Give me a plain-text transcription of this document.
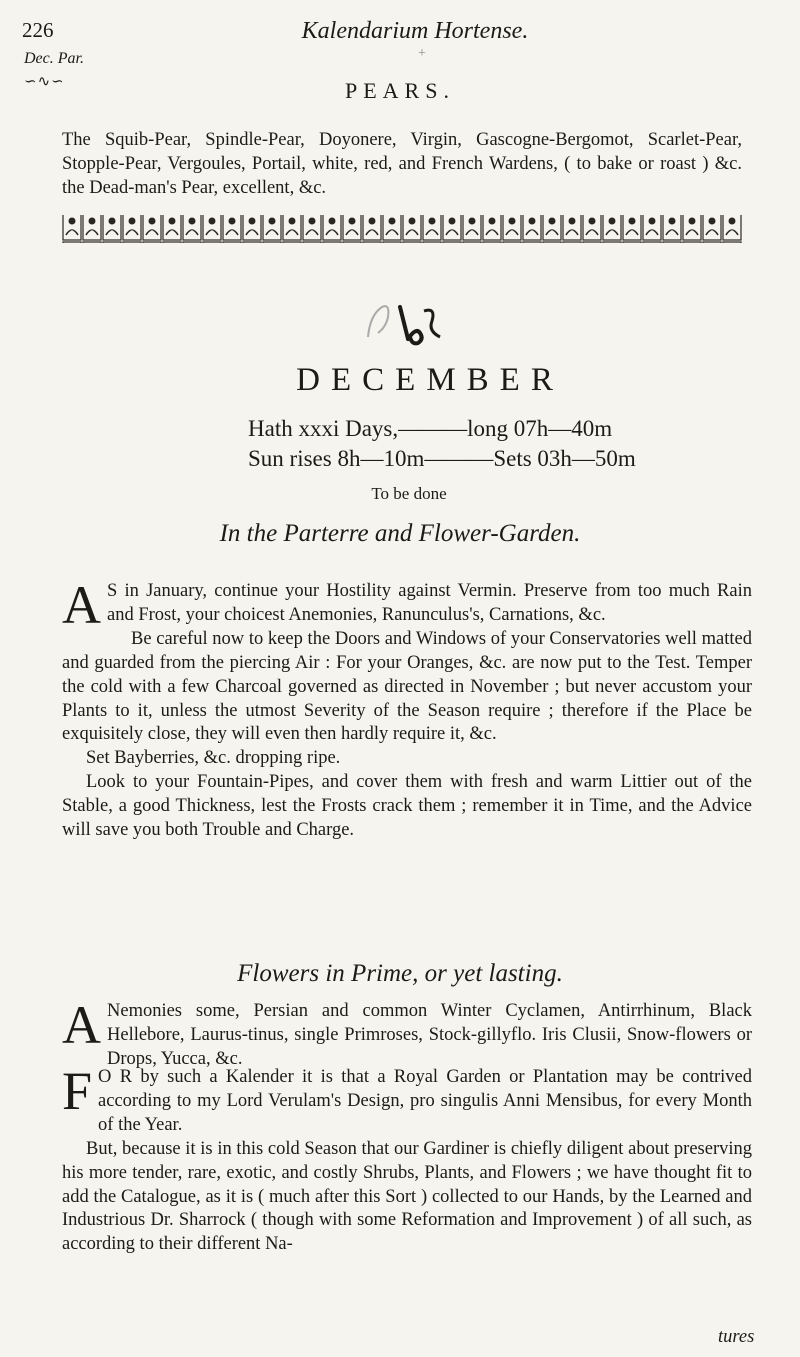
226	Kalendarium Hortense.
Dec. Par.
∽∿∽
+
PEARS.
The Squib-Pear, Spindle-Pear, Doyonere, Virgin, Gascogne-Bergomot, Scarlet-Pear, Stopple-Pear, Vergoules, Portail, white, red, and French Wardens, ( to bake or roast ) &c. the Dead-man's Pear, excellent, &c.
DECEMBER
Hath xxxi Days,———long 07h—40m
Sun rises 8h—10m———Sets 03h—50m
To be done
In the Parterre and Flower-Garden.

A S in January, continue your Hostility against Vermin. Preserve from too much Rain and Frost, your choicest Anemonies, Ranunculus's, Carnations, &c.

Be careful now to keep the Doors and Windows of your Conservatories well matted and guarded from the piercing Air : For your Oranges, &c. are now put to the Test. Temper the cold with a few Charcoal governed as directed in November ; but never accustom your Plants to it, unless the utmost Severity of the Season require ; therefore if the Place be exquisitely close, they will even then hardly require it, &c.

Set Bayberries, &c. dropping ripe.

Look to your Fountain-Pipes, and cover them with fresh and warm Littier out of the Stable, a good Thickness, lest the Frosts crack them ; remember it in Time, and the Advice will save you both Trouble and Charge.

Flowers in Prime, or yet lasting.

A Nemonies some, Persian and common Winter Cyclamen, Antirrhinum, Black Hellebore, Laurus-tinus, single Primroses, Stock-gillyflo. Iris Clusii, Snow-flowers or Drops, Yucca, &c.

F O R by such a Kalender it is that a Royal Garden or Plantation may be contrived according to my Lord Verulam's Design, pro singulis Anni Mensibus, for every Month of the Year.

But, because it is in this cold Season that our Gardiner is chiefly diligent about preserving his more tender, rare, exotic, and costly Shrubs, Plants, and Flowers ; we have thought fit to add the Catalogue, as it is ( much after this Sort ) collected to our Hands, by the Learned and Industrious Dr. Sharrock ( though with some Reformation and Improvement ) of all such, as according to their different Na-

tures
